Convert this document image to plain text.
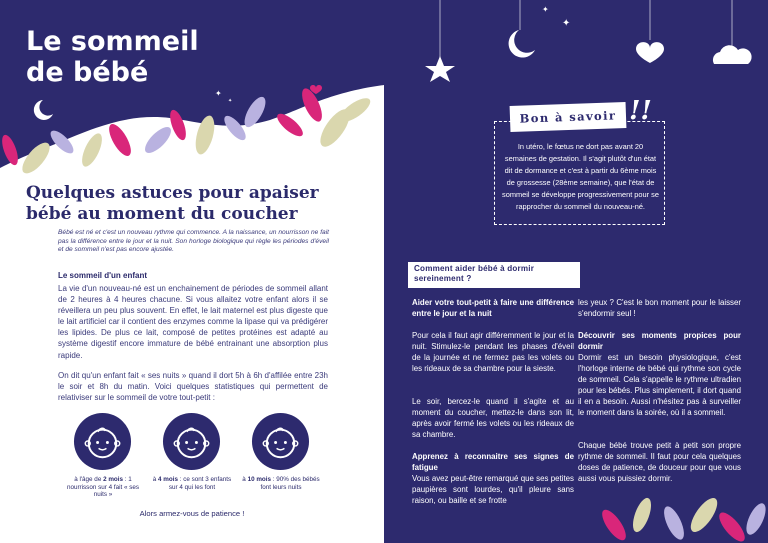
✦
✦
Le sommeil
de bébé
Quelques astuces pour apaiser bébé au moment du coucher
Bébé est né et c'est un nouveau rythme qui commence. A la naissance, un nourrisson ne fait pas la différence entre le jour et la nuit. Son horloge biologique qui règle les périodes d'éveil et de sommeil n'est pas encore ajustée.
Le sommeil d'un enfant
La vie d'un nouveau-né est un enchainement de périodes de sommeil allant de 2 heures à 4 heures chacune. Si vous allaitez votre enfant alors il se réveillera un peu plus souvent. En effet, le lait maternel est plus digeste que le lait artificiel car il contient des enzymes comme la lipase qui va prédigérer les lipides. De plus ce lait, composé de petites protéines est adapté au système digestif encore immature de bébé entrainant une absorption plus rapide.
On dit qu'un enfant fait « ses nuits » quand il dort 5h à 6h d'affilée entre 23h le soir et 8h du matin. Voici quelques statistiques qui permettent de relativiser sur le sommeil de votre tout-petit :
à l'âge de 2 mois : 1 nourrisson sur 4 fait « ses nuits »
à 4 mois : ce sont 3 enfants sur 4 qui les font
à 10 mois : 90% des bébés font leurs nuits
Alors armez-vous de patience !
✦
✦
Bon à savoir !!
In utéro, le fœtus ne dort pas avant 20 semaines de gestation. Il s'agit plutôt d'un état dit de dormance et c'est à partir du 6ème mois de grossesse (28ème semaine), que l'état de sommeil se développe progressivement pour se rapprocher du sommeil du nouveau-né.
Comment aider bébé à dormir sereinement ?
Aider votre tout-petit à faire une différence entre le jour et la nuit
Pour cela il faut agir différemment le jour et la nuit. Stimulez-le pendant les phases d'éveil de la journée et ne fermez pas les volets ou les rideaux de sa chambre pour la sieste.
Le soir, bercez-le quand il s'agite et au moment du coucher, mettez-le dans son lit, après avoir fermé les volets ou les rideaux de sa chambre.
Apprenez à reconnaitre ses signes de fatigue
Vous avez peut-être remarqué que ses petites paupières sont lourdes, qu'il pleure sans raison, ou baille et se frotte
les yeux ? C'est le bon moment pour le laisser s'endormir seul !
Découvrir ses moments propices pour dormir
Dormir est un besoin physiologique, c'est l'horloge interne de bébé qui rythme son cycle de sommeil. Cela s'appelle le rythme ultradien pour les bébés. Plus simplement, il dort quand il en a besoin. Aussi n'hésitez pas à surveiller le moment dans la soirée, où il a sommeil.
Chaque bébé trouve petit à petit son propre rythme de sommeil. Il faut pour cela quelques doses de patience, de douceur pour que vous aussi vous puissiez dormir.
